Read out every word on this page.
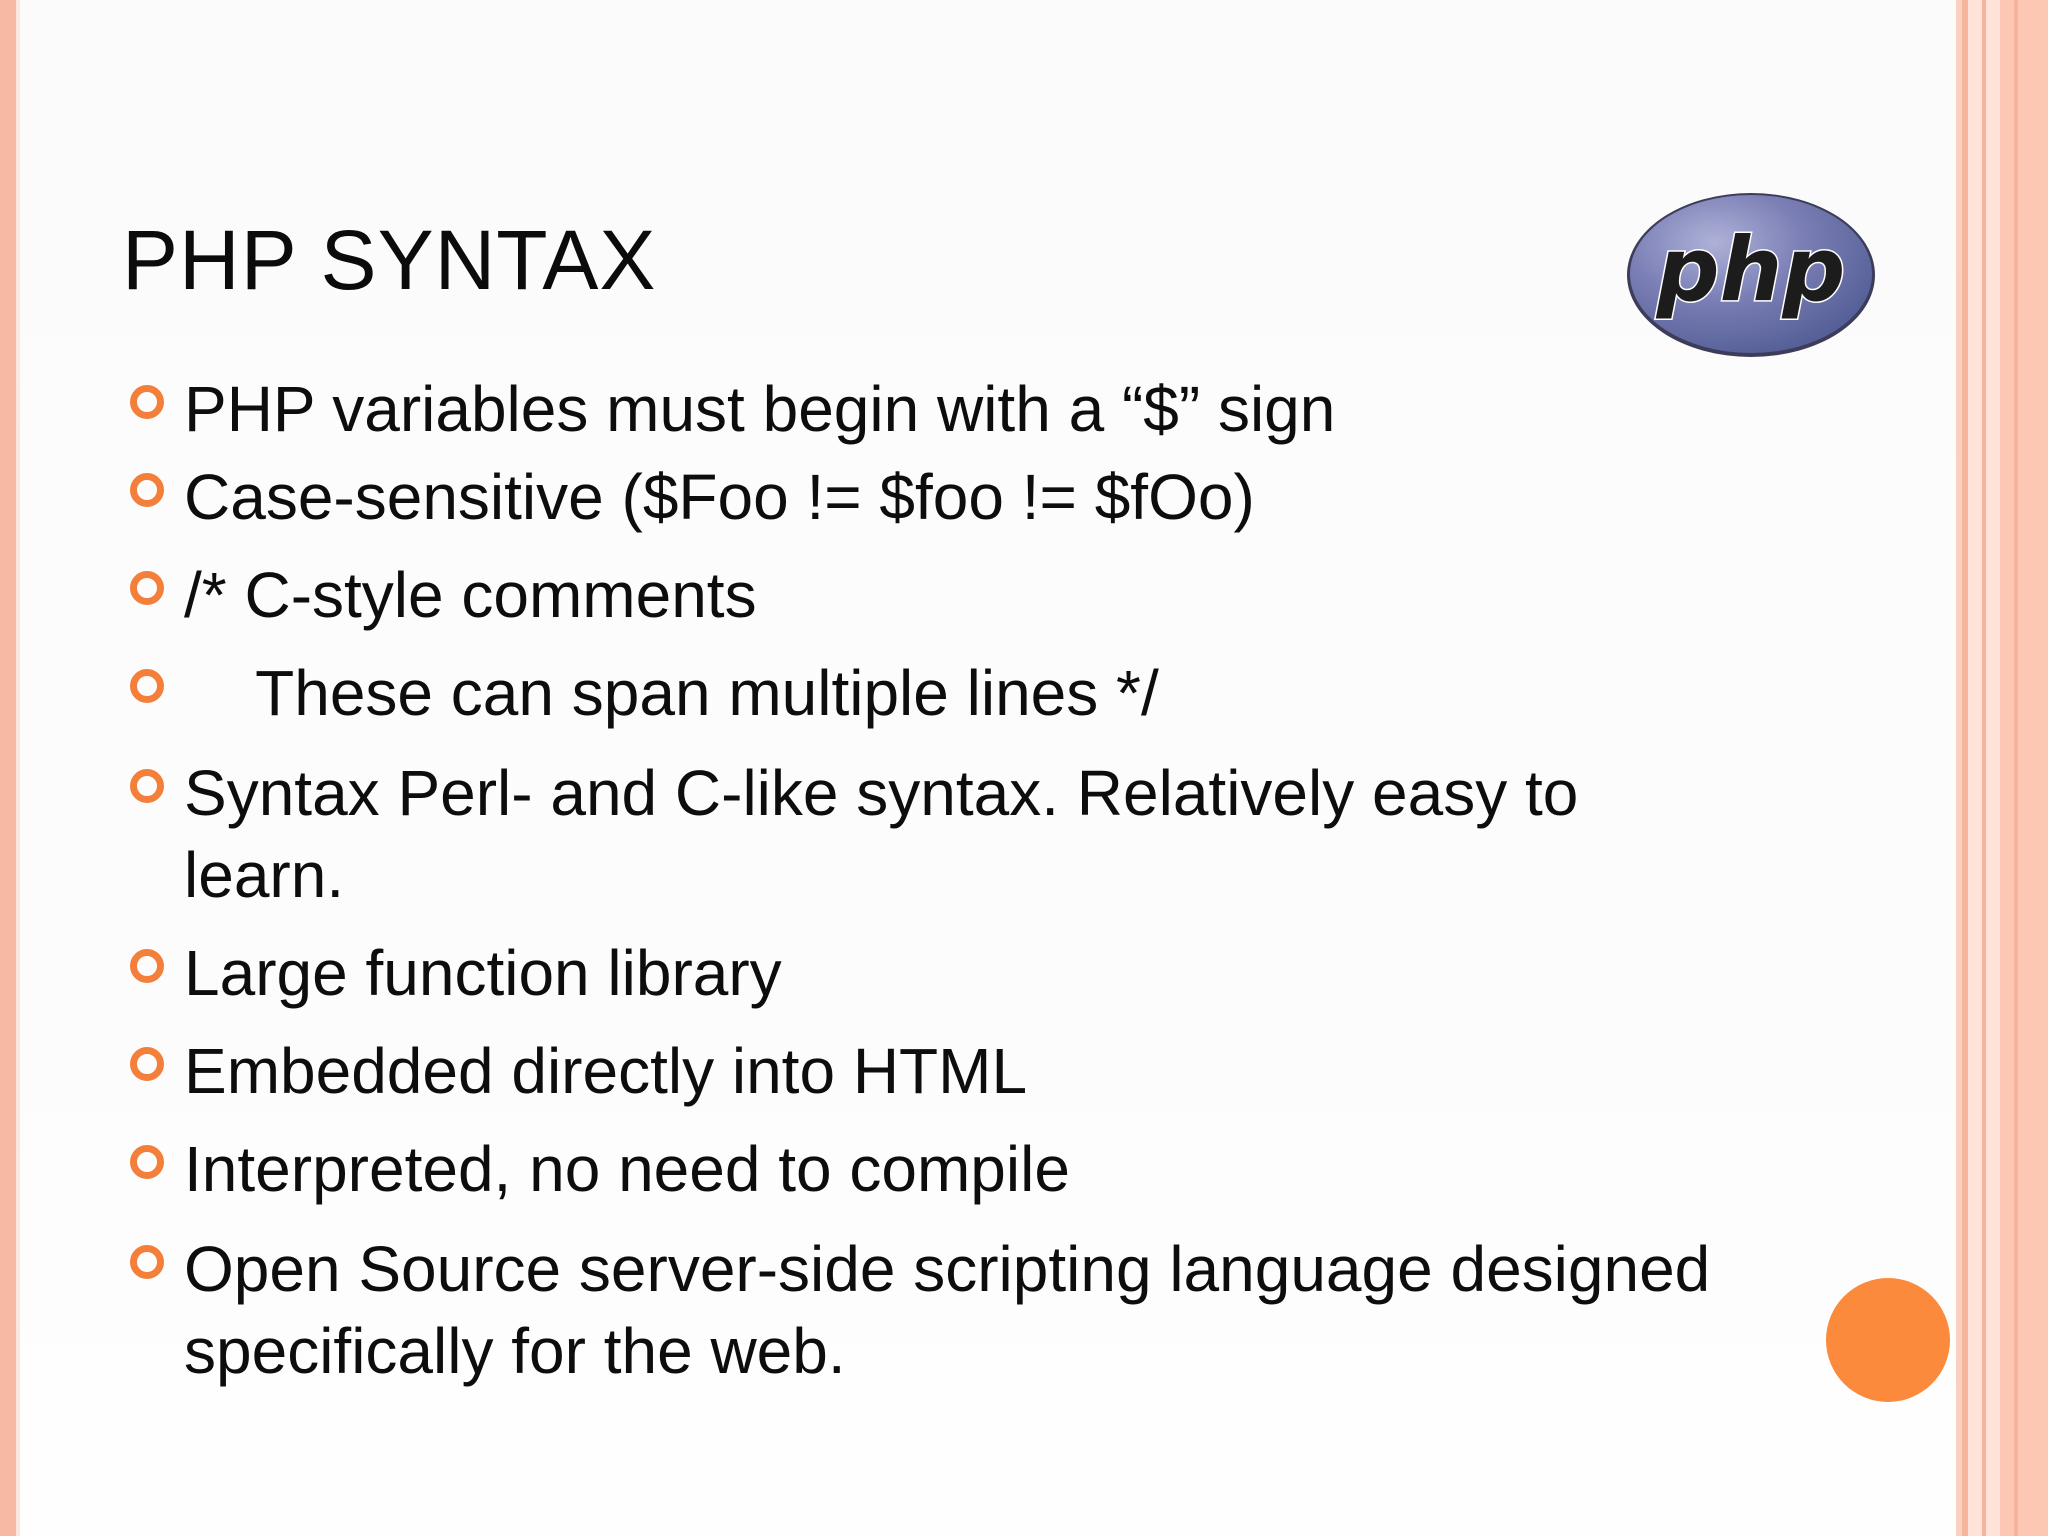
PHP SYNTAX	php
PHP variables must begin with a “$” sign
Case-sensitive ($Foo != $foo != $fOo)
/* C-style comments
These can span multiple lines */
Syntax Perl- and C-like syntax. Relatively easy to learn.
Large function library
Embedded directly into HTML
Interpreted, no need to compile
Open Source server-side scripting language designed specifically for the web.
